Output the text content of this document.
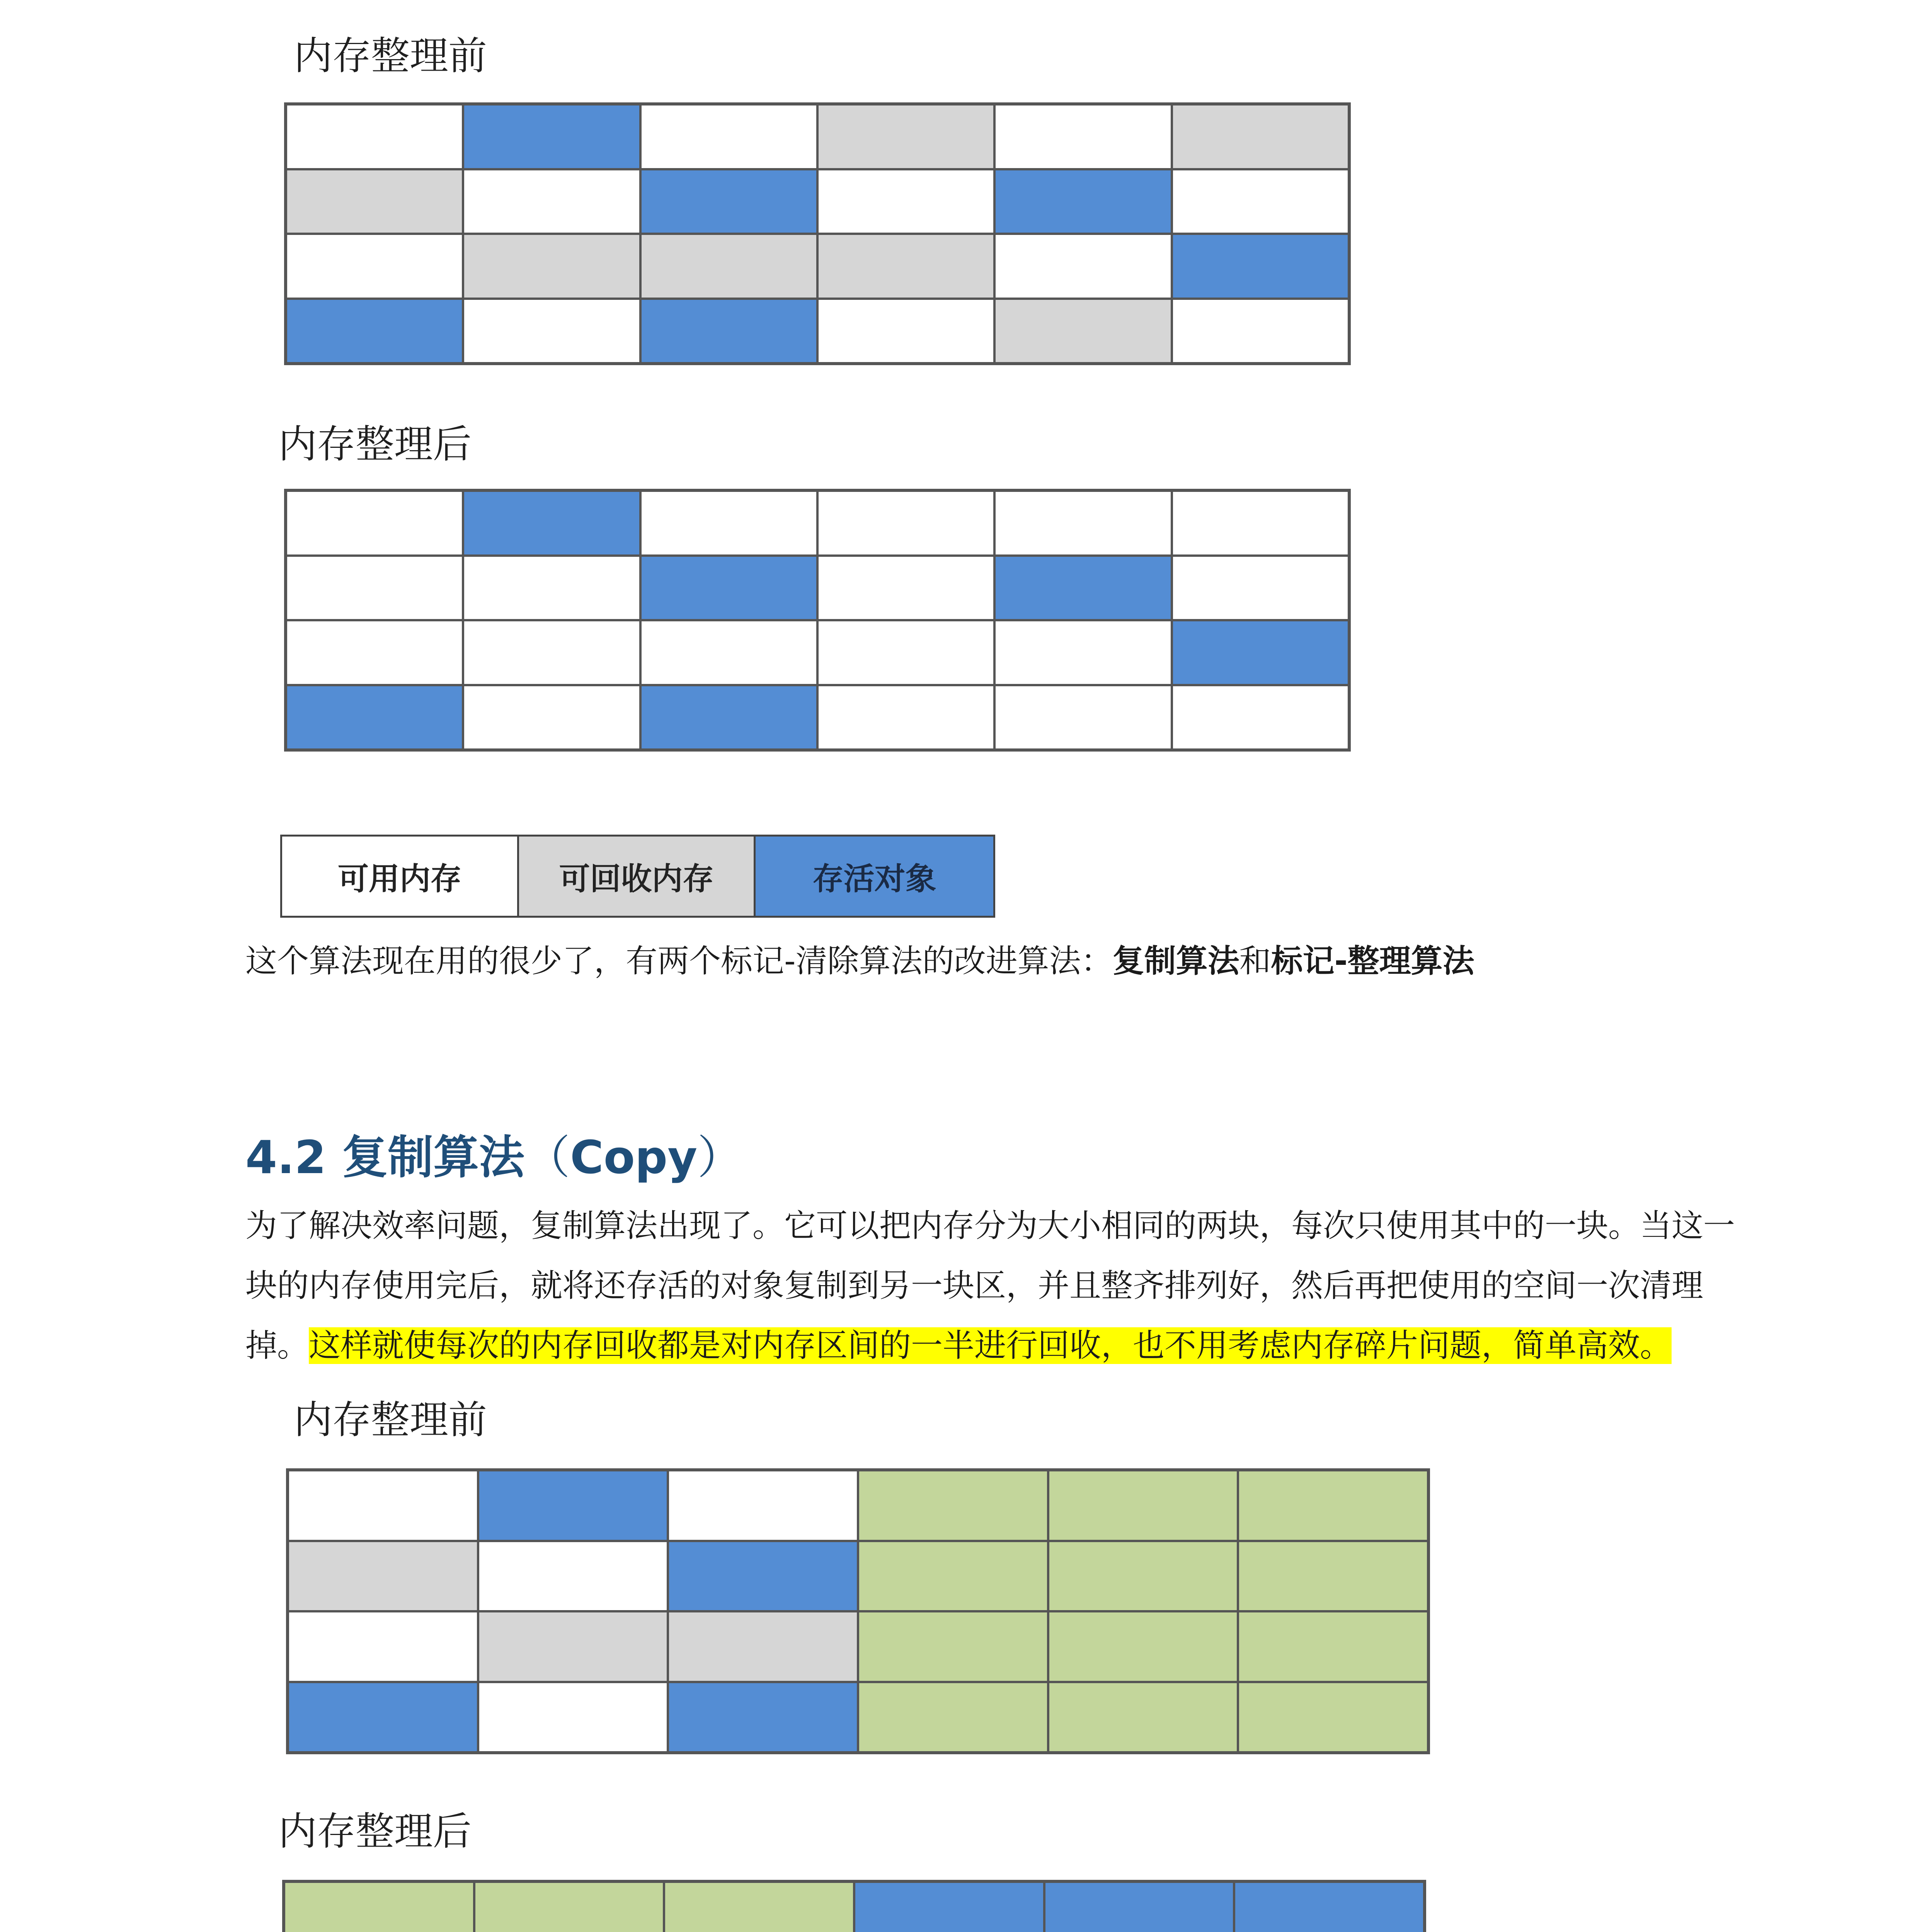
内存整理前
内存整理后
可用内存	可回收内存	存活对象
这个算法现在用的很少了，有两个标记-清除算法的改进算法：复制算法和标记-整理算法
4.2 复制算法（Copy）
为了解决效率问题，复制算法出现了。它可以把内存分为大小相同的两块，每次只使用其中的一块。当这一
块的内存使用完后，就将还存活的对象复制到另一块区，并且整齐排列好，然后再把使用的空间一次清理
掉。这样就使每次的内存回收都是对内存区间的一半进行回收，也不用考虑内存碎片问题，简单高效。
内存整理前
内存整理后
